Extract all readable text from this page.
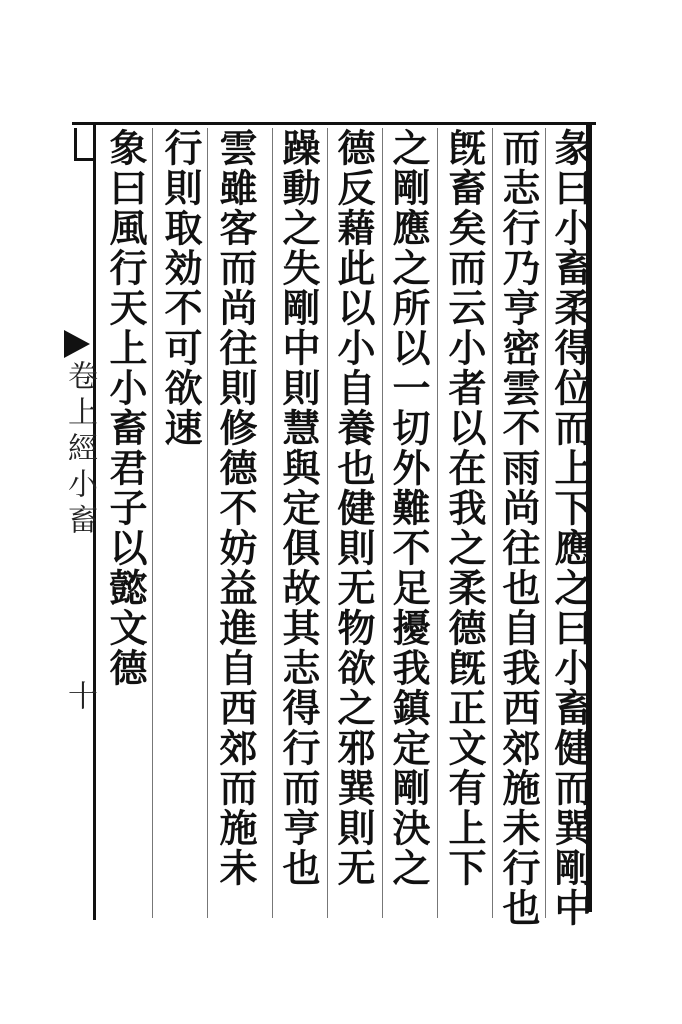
彖曰小畜柔得位而上下應之曰小畜健而巽剛中
而志行乃亨密雲不雨尚往也自我西郊施未行也
旣畜矣而云小者以在我之柔德旣正文有上下
之剛應之所以一切外難不足擾我鎮定剛決之
德反藉此以小自養也健則无物欲之邪巽則无
躁動之失剛中則慧與定俱故其志得行而亨也
雲雖客而尚往則修德不妨益進自西郊而施未
行則取効不可欲速
象曰風行天上小畜君子以懿文德
卷上經小畜
十
